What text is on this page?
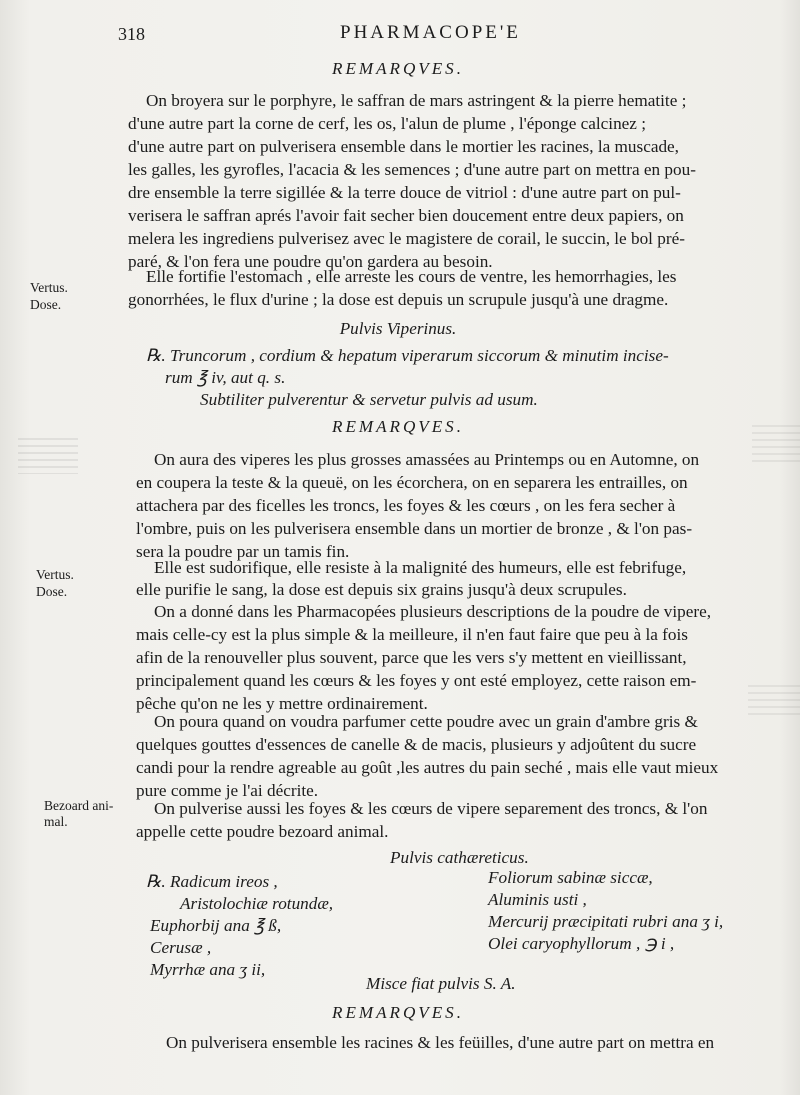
318	PHARMACOPE'E
REMARQVES.
On broyera sur le porphyre, le saffran de mars astringent & la pierre hematite ;
d'une autre part la corne de cerf, les os, l'alun de plume , l'éponge calcinez ;
d'une autre part on pulverisera ensemble dans le mortier les racines, la muscade,
les galles, les gyrofles, l'acacia & les semences ; d'une autre part on mettra en pou-
dre ensemble la terre sigillée & la terre douce de vitriol : d'une autre part on pul-
verisera le saffran aprés l'avoir fait secher bien doucement entre deux papiers, on
melera les ingrediens pulverisez avec le magistere de corail, le succin, le bol pré-
paré, & l'on fera une poudre qu'on gardera au besoin.
Elle fortifie l'estomach , elle arreste les cours de ventre, les hemorrhagies, les
gonorrhées, le flux d'urine ; la dose est depuis un scrupule jusqu'à une dragme.
Vertus.
Dose.
Pulvis Viperinus.
℞. Truncorum , cordium & hepatum viperarum siccorum & minutim incise-
rum ℥ iv, aut q. s.
Subtiliter pulverentur & servetur pulvis ad usum.
REMARQVES.
On aura des viperes les plus grosses amassées au Printemps ou en Automne, on
en coupera la teste & la queuë, on les écorchera, on en separera les entrailles, on
attachera par des ficelles les troncs, les foyes & les cœurs , on les fera secher à
l'ombre, puis on les pulverisera ensemble dans un mortier de bronze , & l'on pas-
sera la poudre par un tamis fin.
Elle est sudorifique, elle resiste à la malignité des humeurs, elle est febrifuge,
elle purifie le sang, la dose est depuis six grains jusqu'à deux scrupules.
On a donné dans les Pharmacopées plusieurs descriptions de la poudre de vipere,
mais celle-cy est la plus simple & la meilleure, il n'en faut faire que peu à la fois
afin de la renouveller plus souvent, parce que les vers s'y mettent en vieillissant,
principalement quand les cœurs & les foyes y ont esté employez, cette raison em-
pêche qu'on ne les y mettre ordinairement.
On poura quand on voudra parfumer cette poudre avec un grain d'ambre gris &
quelques gouttes d'essences de canelle & de macis, plusieurs y adjoûtent du sucre
candi pour la rendre agreable au goût ,les autres du pain seché , mais elle vaut mieux
pure comme je l'ai décrite.
On pulverise aussi les foyes & les cœurs de vipere separement des troncs, & l'on
appelle cette poudre bezoard animal.
Vertus.
Dose.
Bezoard ani-
mal.
Pulvis cathæreticus.
℞. Radicum ireos ,
Aristolochiæ rotundæ,
Euphorbij ana ℥ ß,
Cerusæ ,
Myrrhæ ana ʒ ii,
Foliorum sabinæ siccæ,
Aluminis usti ,
Mercurij præcipitati rubri ana ʒ i,
Olei caryophyllorum , ℈ i ,
Misce fiat pulvis S. A.
REMARQVES.
On pulverisera ensemble les racines & les feüilles, d'une autre part on mettra en
